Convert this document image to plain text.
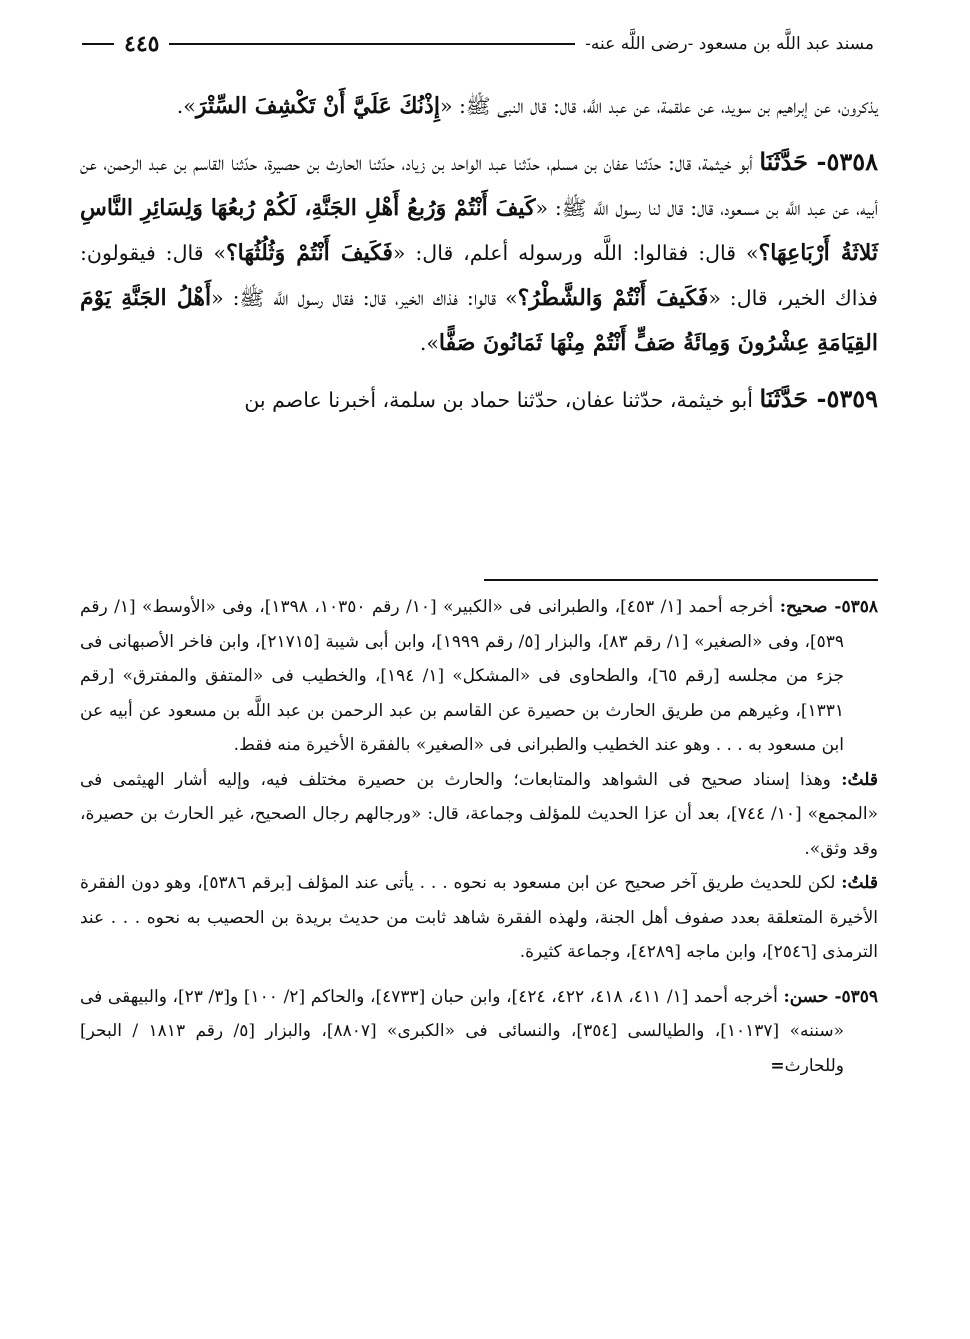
مسند عبد اللَّه بن مسعود -رضى اللَّه عنه-
٤٤٥

يذكرون، عن إبراهيم بن سويد، عن علقمة، عن عبد اللَّه، قال: قال النبى ﷺ: «إِذْنُكَ عَلَيَّ أَنْ تَكْشِفَ السِّتْرَ».

٥٣٥٨- حَدَّثَنَا أبو خيثمة، قال: حدّثنا عفان بن مسلم، حدّثنا عبد الواحد بن زياد، حدّثنا الحارث بن حصيرة، حدّثنا القاسم بن عبد الرحمن، عن أبيه، عن عبد اللَّه بن مسعود، قال: قال لنا رسول اللَّه ﷺ: «كَيفَ أَنْتُمْ وَرُبعُ أَهْلِ الجَنَّةِ، لَكُمْ رُبعُهَا وَلِسَائِرِ النَّاسِ ثَلاثَةُ أَرْبَاعِهَا؟» قال: فقالوا: اللَّه ورسوله أعلم، قال: «فَكَيفَ أَنْتُمْ وَثُلُثُهَا؟» قال: فيقولون: فذاك الخير، قال: «فَكَيفَ أَنْتُمْ وَالشَّطْرُ؟» قالوا: فذاك الخير، قال: فقال رسول اللَّه ﷺ: «أَهْلُ الجَنَّةِ يَوْمَ القِيَامَةِ عِشْرُونَ وَمِائَةُ صَفٍّ أَنْتُمْ مِنْهَا ثَمَانُونَ صَفًّا».

٥٣٥٩- حَدَّثَنَا أبو خيثمة، حدّثنا عفان، حدّثنا حماد بن سلمة، أخبرنا عاصم بن

٥٣٥٨- صحيح: أخرجه أحمد [١/ ٤٥٣]، والطبرانى فى «الكبير» [١٠/ رقم ١٠٣٥٠، ١٣٩٨]، وفى «الأوسط» [١/ رقم ٥٣٩]، وفى «الصغير» [١/ رقم ٨٣]، والبزار [٥/ رقم ١٩٩٩]، وابن أبى شيبة [٢١٧١٥]، وابن فاخر الأصبهانى فى جزء من مجلسه [رقم ٦٥]، والطحاوى فى «المشكل» [١/ ١٩٤]، والخطيب فى «المتفق والمفترق» [رقم ١٣٣١]، وغيرهم من طريق الحارث بن حصيرة عن القاسم بن عبد الرحمن بن عبد اللَّه بن مسعود عن أبيه عن ابن مسعود به . . . وهو عند الخطيب والطبرانى فى «الصغير» بالفقرة الأخيرة منه فقط.

قلتُ: وهذا إسناد صحيح فى الشواهد والمتابعات؛ والحارث بن حصيرة مختلف فيه، وإليه أشار الهيثمى فى «المجمع» [١٠/ ٧٤٤]، بعد أن عزا الحديث للمؤلف وجماعة، قال: «ورجالهم رجال الصحيح، غير الحارث بن حصيرة، وقد وثق».

قلتُ: لكن للحديث طريق آخر صحيح عن ابن مسعود به نحوه . . . يأتى عند المؤلف [برقم ٥٣٨٦]، وهو دون الفقرة الأخيرة المتعلقة بعدد صفوف أهل الجنة، ولهذه الفقرة شاهد ثابت من حديث بريدة بن الحصيب به نحوه . . . عند الترمذى [٢٥٤٦]، وابن ماجه [٤٢٨٩]، وجماعة كثيرة.

٥٣٥٩- حسن: أخرجه أحمد [١/ ٤١١، ٤١٨، ٤٢٢، ٤٢٤]، وابن حبان [٤٧٣٣]، والحاكم [٢/ ١٠٠] و[٣/ ٢٣]، والبيهقى فى «سننه» [١٠١٣٧]، والطيالسى [٣٥٤]، والنسائى فى «الكبرى» [٨٨٠٧]، والبزار [٥/ رقم ١٨١٣ / البحر] وللحارث=
